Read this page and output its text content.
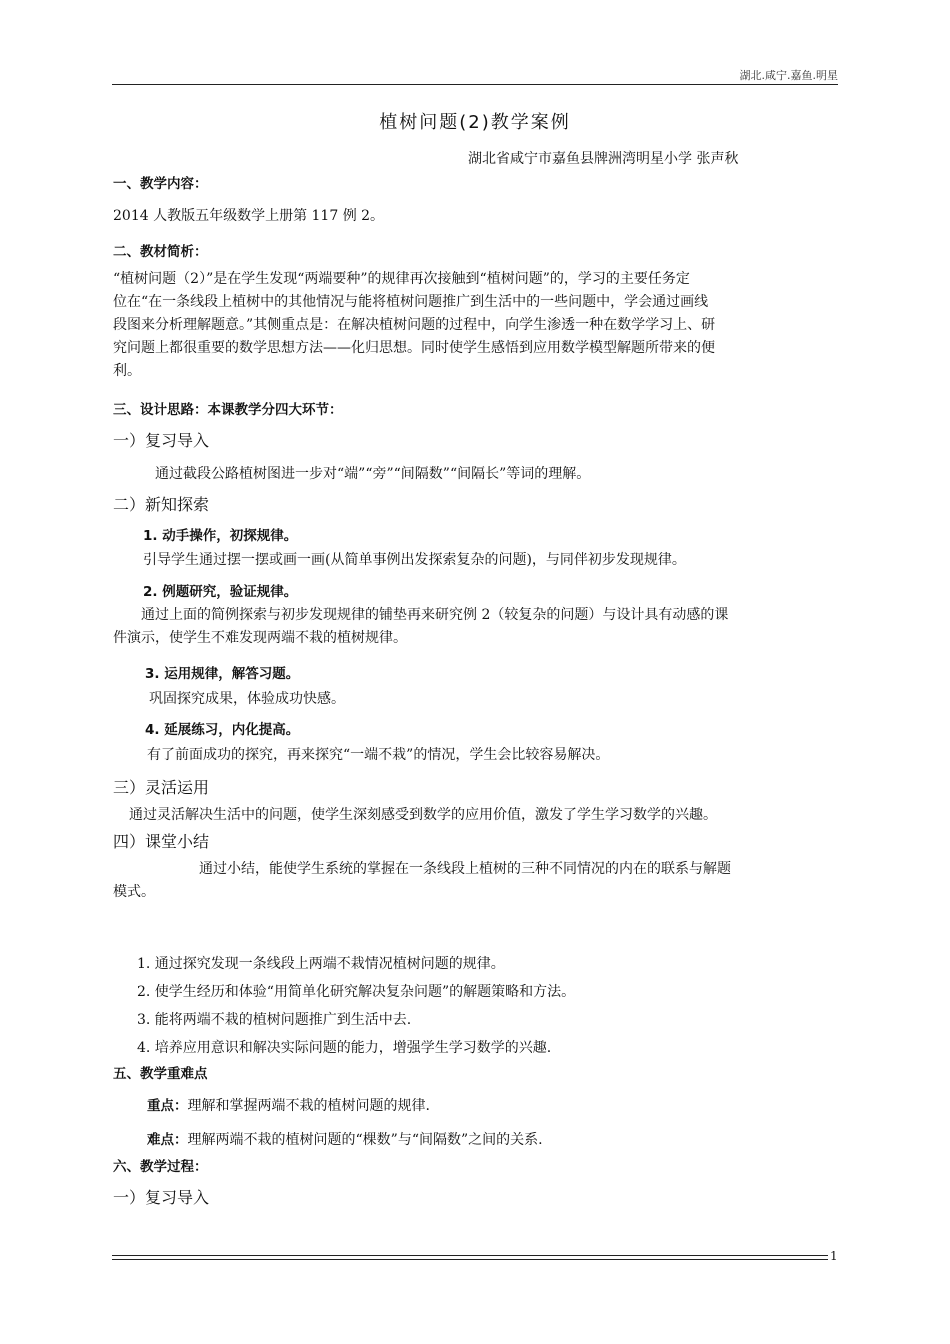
湖北.咸宁.嘉鱼.明星
植树问题(2)教学案例
湖北省咸宁市嘉鱼县牌洲湾明星小学 张声秋
一、教学内容：
2014 人教版五年级数学上册第 117 例 2。
二、教材简析：
“植树问题（2）”是在学生发现“两端要种”的规律再次接触到“植树问题”的，学习的主要任务定
位在“在一条线段上植树中的其他情况与能将植树问题推广到生活中的一些问题中，学会通过画线
段图来分析理解题意。”其侧重点是：在解决植树问题的过程中，向学生渗透一种在数学学习上、研
究问题上都很重要的数学思想方法——化归思想。同时使学生感悟到应用数学模型解题所带来的便
利。
三、设计思路：本课教学分四大环节：
一）复习导入
通过截段公路植树图进一步对“端”“旁”“间隔数”“间隔长”等词的理解。
二）新知探索
1. 动手操作，初探规律。
引导学生通过摆一摆或画一画(从简单事例出发探索复杂的问题)，与同伴初步发现规律。
2. 例题研究，验证规律。
通过上面的简例探索与初步发现规律的铺垫再来研究例 2（较复杂的问题）与设计具有动感的课
件演示，使学生不难发现两端不栽的植树规律。
3. 运用规律，解答习题。
巩固探究成果，体验成功快感。
4. 延展练习，内化提高。
有了前面成功的探究，再来探究“一端不栽”的情况，学生会比较容易解决。
三）灵活运用
通过灵活解决生活中的问题，使学生深刻感受到数学的应用价值，激发了学生学习数学的兴趣。
四）课堂小结
通过小结，能使学生系统的掌握在一条线段上植树的三种不同情况的内在的联系与解题
模式。
1. 通过探究发现一条线段上两端不栽情况植树问题的规律。
2. 使学生经历和体验“用简单化研究解决复杂问题”的解题策略和方法。
3. 能将两端不栽的植树问题推广到生活中去.
4. 培养应用意识和解决实际问题的能力，增强学生学习数学的兴趣.
五、教学重难点
重点：理解和掌握两端不栽的植树问题的规律.
难点：理解两端不栽的植树问题的“棵数”与“间隔数”之间的关系.
六、教学过程：
一）复习导入
1
